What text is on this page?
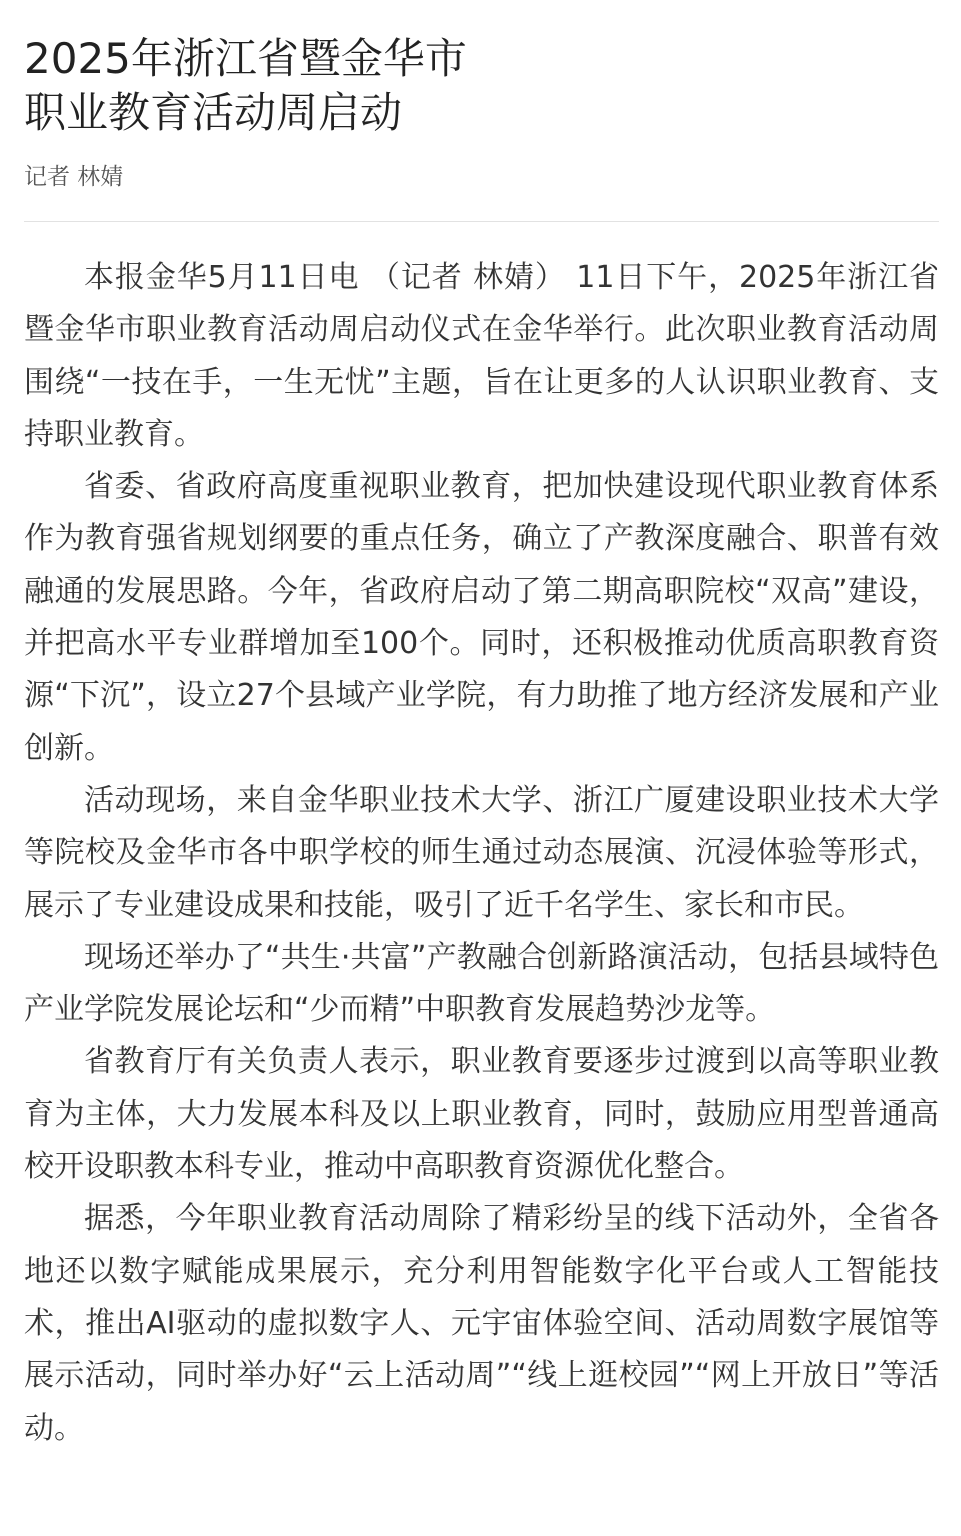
2025年浙江省暨金华市
职业教育活动周启动
记者 林婧

本报金华5月11日电 （记者 林婧） 11日下午，2025年浙江省暨金华市职业教育活动周启动仪式在金华举行。此次职业教育活动周围绕“一技在手，一生无忧”主题，旨在让更多的人认识职业教育、支持职业教育。

省委、省政府高度重视职业教育，把加快建设现代职业教育体系作为教育强省规划纲要的重点任务，确立了产教深度融合、职普有效融通的发展思路。今年，省政府启动了第二期高职院校“双高”建设，并把高水平专业群增加至100个。同时，还积极推动优质高职教育资源“下沉”，设立27个县域产业学院，有力助推了地方经济发展和产业创新。

活动现场，来自金华职业技术大学、浙江广厦建设职业技术大学等院校及金华市各中职学校的师生通过动态展演、沉浸体验等形式，展示了专业建设成果和技能，吸引了近千名学生、家长和市民。

现场还举办了“共生·共富”产教融合创新路演活动，包括县域特色产业学院发展论坛和“少而精”中职教育发展趋势沙龙等。

省教育厅有关负责人表示，职业教育要逐步过渡到以高等职业教育为主体，大力发展本科及以上职业教育，同时，鼓励应用型普通高校开设职教本科专业，推动中高职教育资源优化整合。

据悉，今年职业教育活动周除了精彩纷呈的线下活动外，全省各地还以数字赋能成果展示，充分利用智能数字化平台或人工智能技术，推出AI驱动的虚拟数字人、元宇宙体验空间、活动周数字展馆等展示活动，同时举办好“云上活动周”“线上逛校园”“网上开放日”等活动。
